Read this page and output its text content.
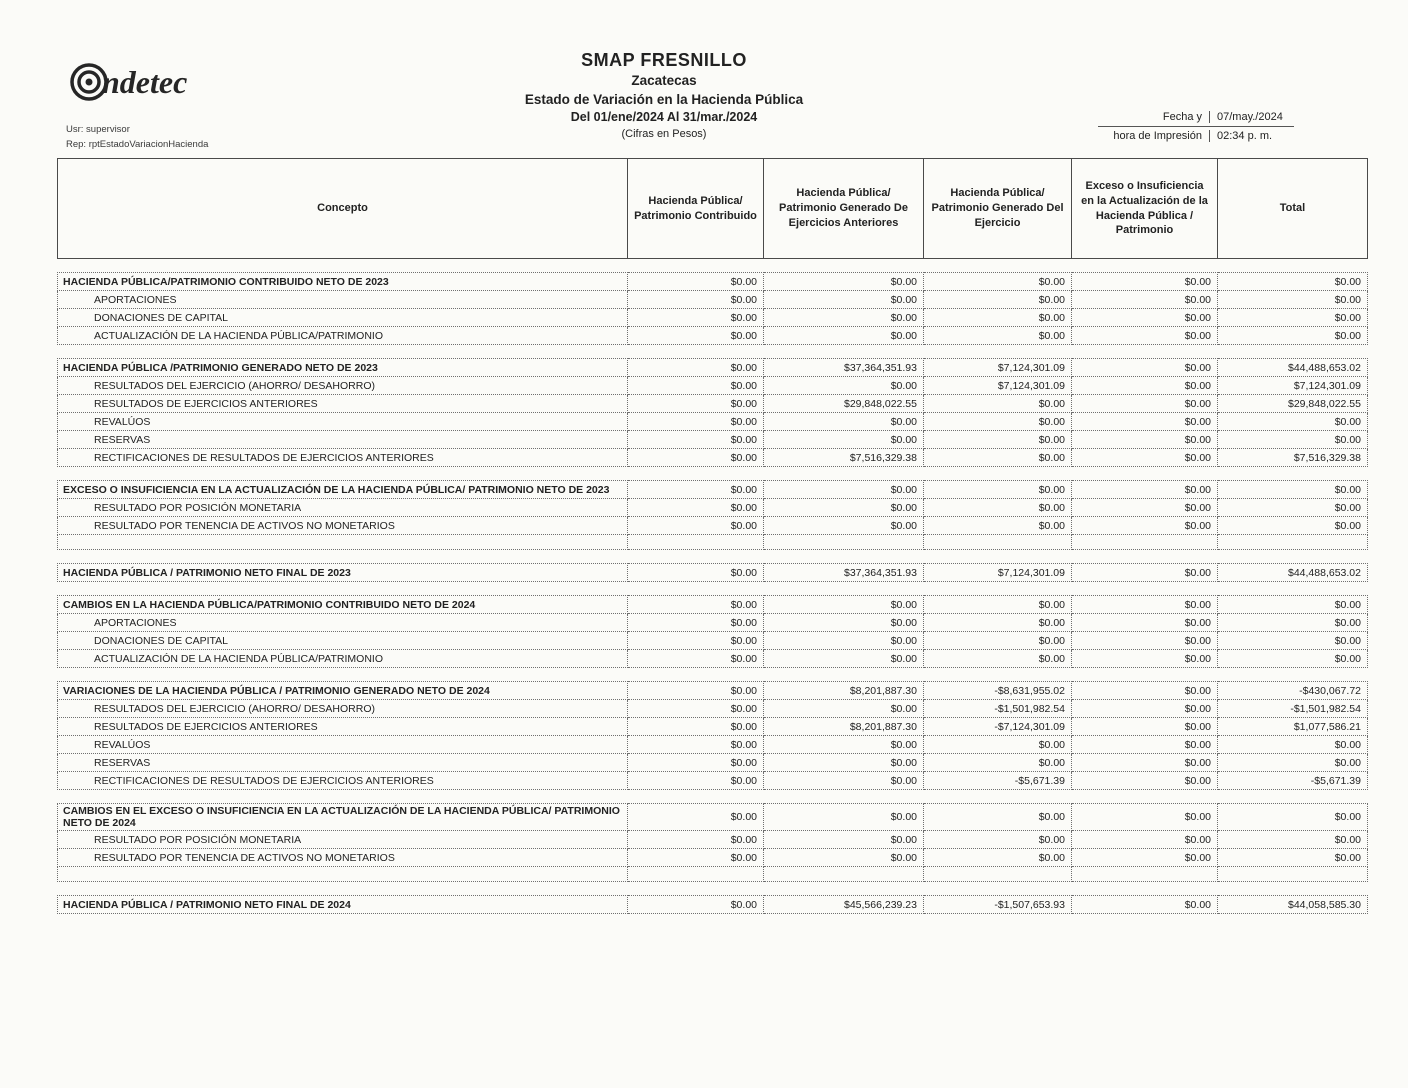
ndetec
Usr: supervisor
Rep: rptEstadoVariacionHacienda
SMAP FRESNILLO
Zacatecas
Estado de Variación en la Hacienda Pública
Del 01/ene/2024 Al 31/mar./2024
(Cifras en Pesos)
Fecha y	07/may./2024
hora de Impresión	02:34 p. m.
Concepto	Hacienda Pública/ Patrimonio Contribuido	Hacienda Pública/ Patrimonio Generado De Ejercicios Anteriores	Hacienda Pública/ Patrimonio Generado Del Ejercicio	Exceso o Insuficiencia en la Actualización de la Hacienda Pública / Patrimonio	Total

HACIENDA PÚBLICA/PATRIMONIO CONTRIBUIDO NETO DE 2023	$0.00	$0.00	$0.00	$0.00	$0.00
APORTACIONES	$0.00	$0.00	$0.00	$0.00	$0.00
DONACIONES DE CAPITAL	$0.00	$0.00	$0.00	$0.00	$0.00
ACTUALIZACIÓN DE LA HACIENDA PÚBLICA/PATRIMONIO	$0.00	$0.00	$0.00	$0.00	$0.00

HACIENDA PÚBLICA /PATRIMONIO GENERADO NETO DE 2023	$0.00	$37,364,351.93	$7,124,301.09	$0.00	$44,488,653.02
RESULTADOS DEL EJERCICIO (AHORRO/ DESAHORRO)	$0.00	$0.00	$7,124,301.09	$0.00	$7,124,301.09
RESULTADOS DE EJERCICIOS ANTERIORES	$0.00	$29,848,022.55	$0.00	$0.00	$29,848,022.55
REVALÚOS	$0.00	$0.00	$0.00	$0.00	$0.00
RESERVAS	$0.00	$0.00	$0.00	$0.00	$0.00
RECTIFICACIONES DE RESULTADOS DE EJERCICIOS ANTERIORES	$0.00	$7,516,329.38	$0.00	$0.00	$7,516,329.38

EXCESO O INSUFICIENCIA EN LA ACTUALIZACIÓN DE LA HACIENDA PÚBLICA/ PATRIMONIO NETO DE 2023	$0.00	$0.00	$0.00	$0.00	$0.00
RESULTADO POR POSICIÓN MONETARIA	$0.00	$0.00	$0.00	$0.00	$0.00
RESULTADO POR TENENCIA DE ACTIVOS NO MONETARIOS	$0.00	$0.00	$0.00	$0.00	$0.00

HACIENDA PÚBLICA / PATRIMONIO NETO FINAL DE 2023	$0.00	$37,364,351.93	$7,124,301.09	$0.00	$44,488,653.02

CAMBIOS EN LA HACIENDA PÚBLICA/PATRIMONIO CONTRIBUIDO NETO DE 2024	$0.00	$0.00	$0.00	$0.00	$0.00
APORTACIONES	$0.00	$0.00	$0.00	$0.00	$0.00
DONACIONES DE CAPITAL	$0.00	$0.00	$0.00	$0.00	$0.00
ACTUALIZACIÓN DE LA HACIENDA PÚBLICA/PATRIMONIO	$0.00	$0.00	$0.00	$0.00	$0.00

VARIACIONES DE LA HACIENDA PÚBLICA / PATRIMONIO GENERADO NETO DE 2024	$0.00	$8,201,887.30	-$8,631,955.02	$0.00	-$430,067.72
RESULTADOS DEL EJERCICIO (AHORRO/ DESAHORRO)	$0.00	$0.00	-$1,501,982.54	$0.00	-$1,501,982.54
RESULTADOS DE EJERCICIOS ANTERIORES	$0.00	$8,201,887.30	-$7,124,301.09	$0.00	$1,077,586.21
REVALÚOS	$0.00	$0.00	$0.00	$0.00	$0.00
RESERVAS	$0.00	$0.00	$0.00	$0.00	$0.00
RECTIFICACIONES DE RESULTADOS DE EJERCICIOS ANTERIORES	$0.00	$0.00	-$5,671.39	$0.00	-$5,671.39

CAMBIOS EN EL EXCESO O INSUFICIENCIA EN LA ACTUALIZACIÓN DE LA HACIENDA PÚBLICA/ PATRIMONIO NETO DE 2024	$0.00	$0.00	$0.00	$0.00	$0.00
RESULTADO POR POSICIÓN MONETARIA	$0.00	$0.00	$0.00	$0.00	$0.00
RESULTADO POR TENENCIA DE ACTIVOS NO MONETARIOS	$0.00	$0.00	$0.00	$0.00	$0.00

HACIENDA PÚBLICA / PATRIMONIO NETO FINAL DE 2024	$0.00	$45,566,239.23	-$1,507,653.93	$0.00	$44,058,585.30
